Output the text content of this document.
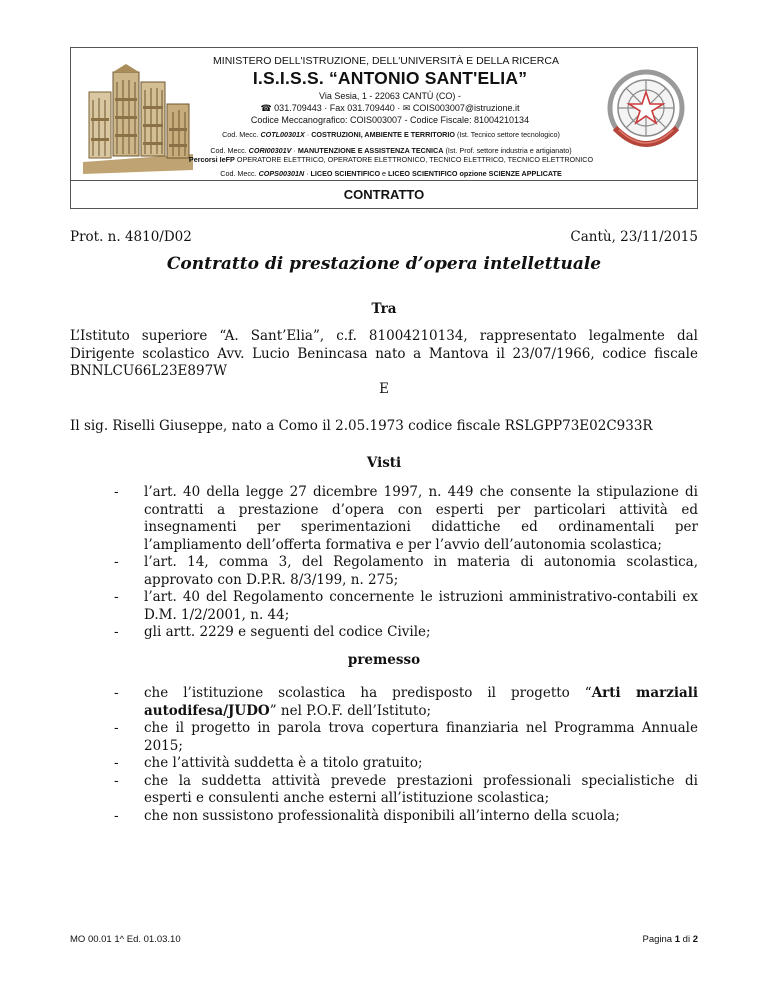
MINISTERO DELL'ISTRUZIONE, DELL'UNIVERSITÀ E DELLA RICERCA
I.S.I.S.S. “ANTONIO SANT'ELIA”
Via Sesia, 1 - 22063 CANTÙ (CO) -
☎ 031.709443 · Fax 031.709440 · ✉ COIS003007@istruzione.it
Codice Meccanografico: COIS003007 - Codice Fiscale: 81004210134
Cod. Mecc. COTL00301X · COSTRUZIONI, AMBIENTE E TERRITORIO (Ist. Tecnico settore tecnologico)
Cod. Mecc. CORI00301V · MANUTENZIONE E ASSISTENZA TECNICA (Ist. Prof. settore industria e artigianato)
Percorsi IeFP OPERATORE ELETTRICO, OPERATORE ELETTRONICO, TECNICO ELETTRICO, TECNICO ELETTRONICO
Cod. Mecc. COPS00301N · LICEO SCIENTIFICO e LICEO SCIENTIFICO opzione SCIENZE APPLICATE
CONTRATTO
Prot. n. 4810/D02	Cantù, 23/11/2015
Contratto di prestazione d’opera intellettuale
Tra
L’Istituto superiore “A. Sant’Elia”, c.f. 81004210134, rappresentato legalmente dal Dirigente scolastico Avv. Lucio Benincasa nato a Mantova il 23/07/1966, codice fiscale BNNLCU66L23E897W
E
Il sig. Riselli Giuseppe, nato a Como il 2.05.1973 codice fiscale RSLGPP73E02C933R
Visti
- l’art. 40 della legge 27 dicembre 1997, n. 449 che consente la stipulazione di contratti a prestazione d’opera con esperti per particolari attività ed insegnamenti per sperimentazioni didattiche ed ordinamentali per l’ampliamento dell’offerta formativa e per l’avvio dell’autonomia scolastica;
- l’art. 14, comma 3, del Regolamento in materia di autonomia scolastica, approvato con D.P.R. 8/3/199, n. 275;
- l’art. 40 del Regolamento concernente le istruzioni amministrativo-contabili ex D.M. 1/2/2001, n. 44;
- gli artt. 2229 e seguenti del codice Civile;
premesso
- che l’istituzione scolastica ha predisposto il progetto “Arti marziali autodifesa/JUDO” nel P.O.F. dell’Istituto;
- che il progetto in parola trova copertura finanziaria nel Programma Annuale 2015;
- che l’attività suddetta è a titolo gratuito;
- che la suddetta attività prevede prestazioni professionali specialistiche di esperti e consulenti anche esterni all’istituzione scolastica;
- che non sussistono professionalità disponibili all’interno della scuola;
MO 00.01 1^ Ed. 01.03.10	Pagina 1 di 2
